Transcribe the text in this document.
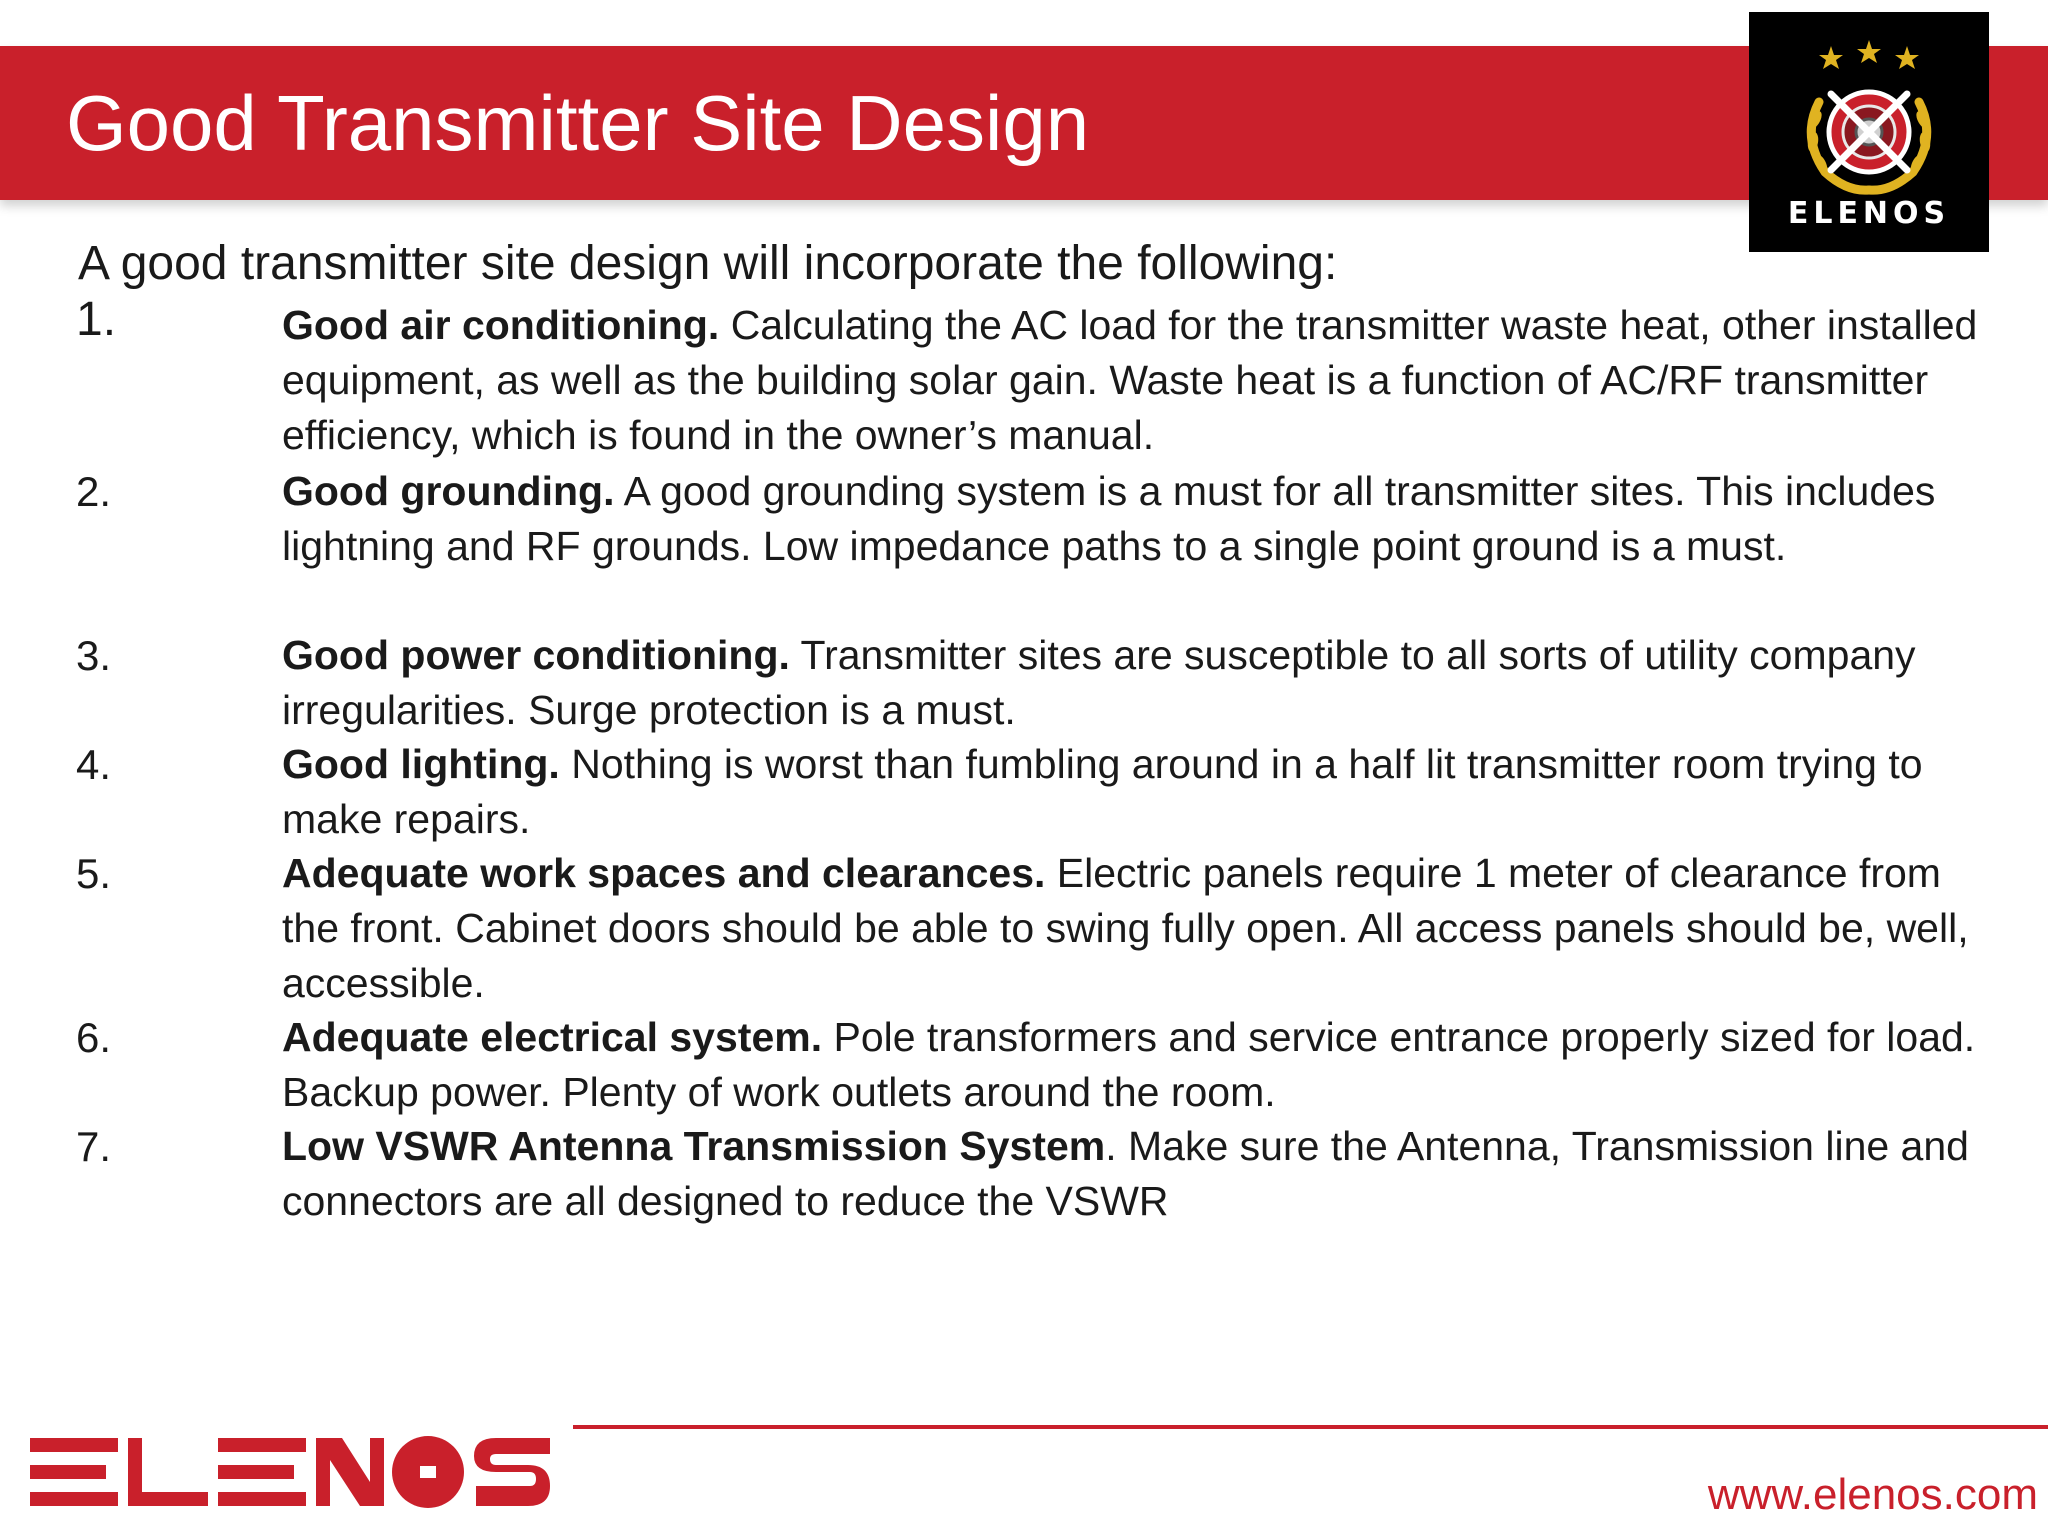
Good Transmitter Site Design
ELENOS

A good transmitter site design will incorporate the following:

1.	Good air conditioning. Calculating the AC load for the transmitter waste heat, other installed equipment, as well as the building solar gain. Waste heat is a function of AC/RF transmitter efficiency, which is found in the owner’s manual.
2.	Good grounding. A good grounding system is a must for all transmitter sites. This includes lightning and RF grounds. Low impedance paths to a single point ground is a must.
3.	Good power conditioning. Transmitter sites are susceptible to all sorts of utility company irregularities. Surge protection is a must.
4.	Good lighting. Nothing is worst than fumbling around in a half lit transmitter room trying to make repairs.
5.	Adequate work spaces and clearances. Electric panels require 1 meter of clearance from the front. Cabinet doors should be able to swing fully open. All access panels should be, well, accessible.
6.	Adequate electrical system. Pole transformers and service entrance properly sized for load. Backup power. Plenty of work outlets around the room.
7.	Low VSWR Antenna Transmission System. Make sure the Antenna, Transmission line and connectors are all designed to reduce the VSWR
www.elenos.com
